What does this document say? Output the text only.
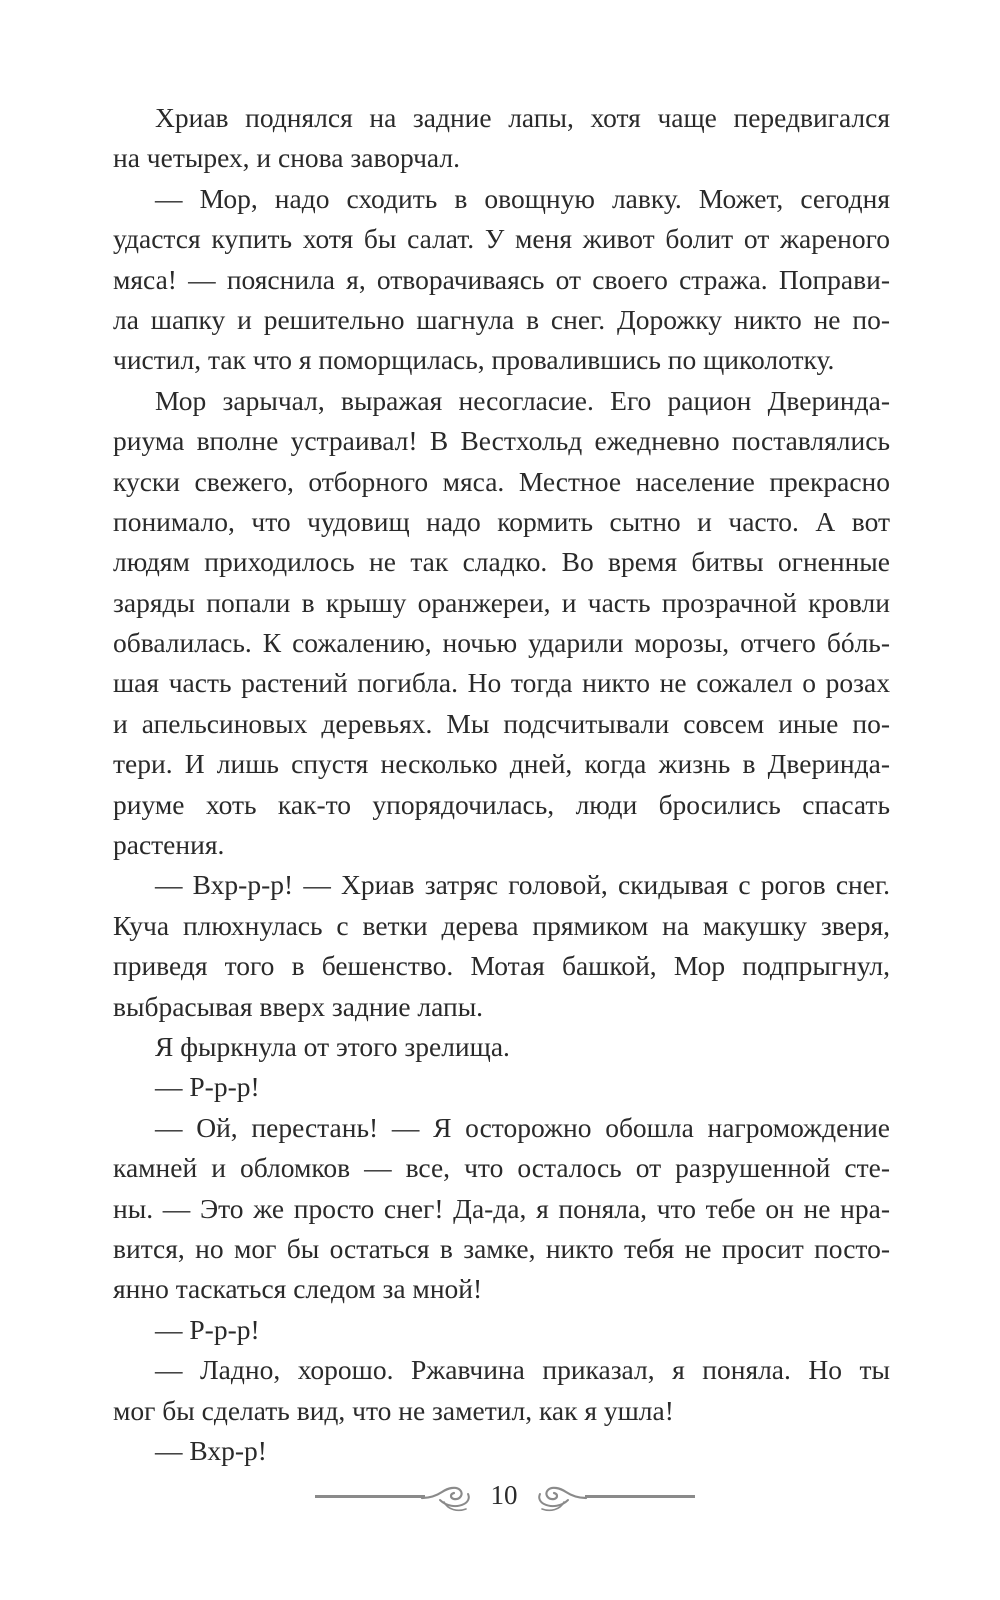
Хриав поднялся на задние лапы, хотя чаще передвигался
на четырех, и снова заворчал.
— Мор, надо сходить в овощную лавку. Может, сегодня
удастся купить хотя бы салат. У меня живот болит от жареного
мяса! — пояснила я, отворачиваясь от своего стража. Поправи-
ла шапку и решительно шагнула в снег. Дорожку никто не по-
чистил, так что я поморщилась, провалившись по щиколотку.
Мор зарычал, выражая несогласие. Его рацион Дверинда-
риума вполне устраивал! В Вестхольд ежедневно поставлялись
куски свежего, отборного мяса. Местное население прекрасно
понимало, что чудовищ надо кормить сытно и часто. А вот
людям приходилось не так сладко. Во время битвы огненные
заряды попали в крышу оранжереи, и часть прозрачной кровли
обвалилась. К сожалению, ночью ударили морозы, отчего бóль-
шая часть растений погибла. Но тогда никто не сожалел о розах
и апельсиновых деревьях. Мы подсчитывали совсем иные по-
тери. И лишь спустя несколько дней, когда жизнь в Дверинда-
риуме хоть как-то упорядочилась, люди бросились спасать
растения.
— Вхр-р-р! — Хриав затряс головой, скидывая с рогов снег.
Куча плюхнулась с ветки дерева прямиком на макушку зверя,
приведя того в бешенство. Мотая башкой, Мор подпрыгнул,
выбрасывая вверх задние лапы.
Я фыркнула от этого зрелища.
— Р-р-р!
— Ой, перестань! — Я осторожно обошла нагромождение
камней и обломков — все, что осталось от разрушенной сте-
ны. — Это же просто снег! Да-да, я поняла, что тебе он не нра-
вится, но мог бы остаться в замке, никто тебя не просит посто-
янно таскаться следом за мной!
— Р-р-р!
— Ладно, хорошо. Ржавчина приказал, я поняла. Но ты
мог бы сделать вид, что не заметил, как я ушла!
— Вхр-р!
10
